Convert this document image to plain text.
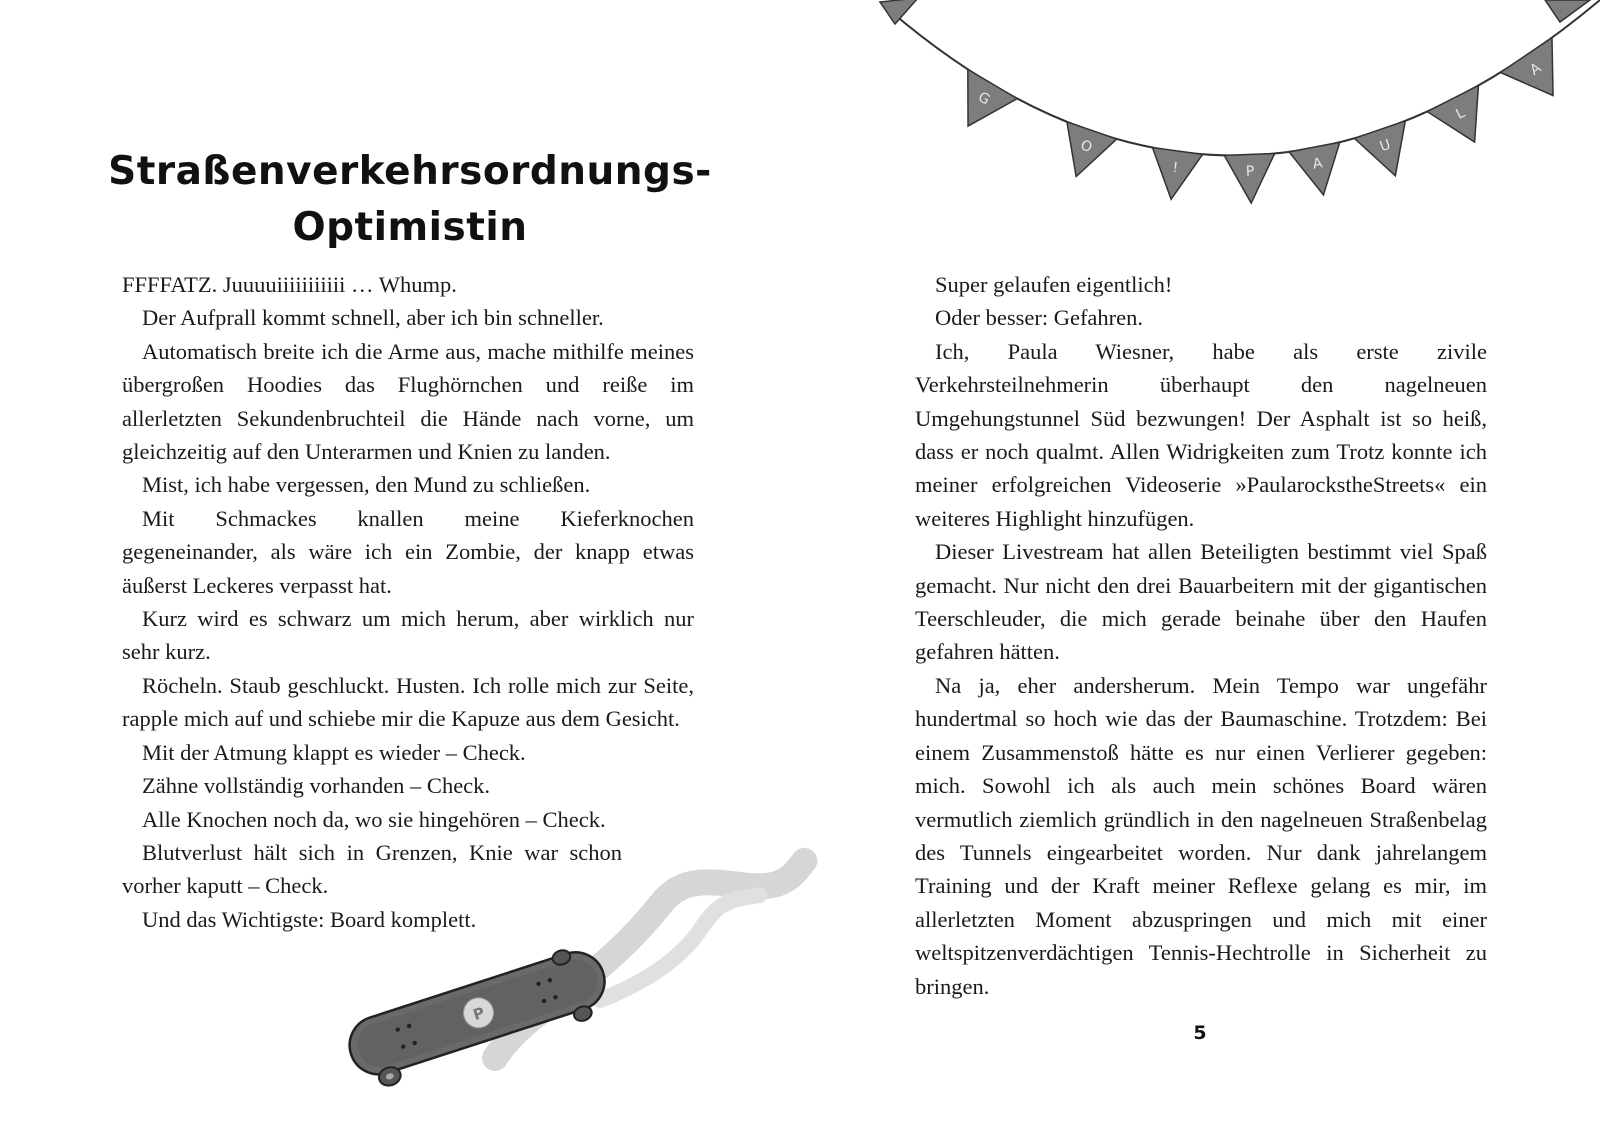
G
O
!	P	A
U
L
A
P
Straßenverkehrsordnungs-
Optimistin

FFFFATZ. Juuuuiiiiiiiiiii … Whump.

Der Aufprall kommt schnell, aber ich bin schneller.

Automatisch breite ich die Arme aus, mache mithilfe meines übergroßen Hoodies das Flughörnchen und reiße im allerletzten Sekundenbruchteil die Hände nach vorne, um gleichzeitig auf den Unterarmen und Knien zu landen.

Mist, ich habe vergessen, den Mund zu schließen.

Mit Schmackes knallen meine Kieferknochen gegeneinander, als wäre ich ein Zombie, der knapp etwas äußerst Leckeres verpasst hat.

Kurz wird es schwarz um mich herum, aber wirklich nur sehr kurz.

Röcheln. Staub geschluckt. Husten. Ich rolle mich zur Seite, rapple mich auf und schiebe mir die Kapuze aus dem Gesicht.

Mit der Atmung klappt es wieder – Check.

Zähne vollständig vorhanden – Check.

Alle Knochen noch da, wo sie hingehören – Check.

Blutverlust hält sich in Grenzen, Knie war schon vorher kaputt – Check.

Und das Wichtigste: Board komplett.

Super gelaufen eigentlich!

Oder besser: Gefahren.

Ich, Paula Wiesner, habe als erste zivile Verkehrsteilnehmerin überhaupt den nagelneuen Umgehungstunnel Süd bezwungen! Der Asphalt ist so heiß, dass er noch qualmt. Allen Widrigkeiten zum Trotz konnte ich meiner erfolgreichen Videoserie »PaularockstheStreets« ein weiteres Highlight hinzufügen.

Dieser Livestream hat allen Beteiligten bestimmt viel Spaß gemacht. Nur nicht den drei Bauarbeitern mit der gigantischen Teerschleuder, die mich gerade beinahe über den Haufen gefahren hätten.

Na ja, eher andersherum. Mein Tempo war ungefähr hundertmal so hoch wie das der Baumaschine. Trotzdem: Bei einem Zusammenstoß hätte es nur einen Verlierer gegeben: mich. Sowohl ich als auch mein schönes Board wären vermutlich ziemlich gründlich in den nagelneuen Straßenbelag des Tunnels eingearbeitet worden. Nur dank jahrelangem Training und der Kraft meiner Reflexe gelang es mir, im allerletzten Moment abzuspringen und mich mit einer weltspitzenverdächtigen Tennis-Hechtrolle in Sicherheit zu bringen.

5
